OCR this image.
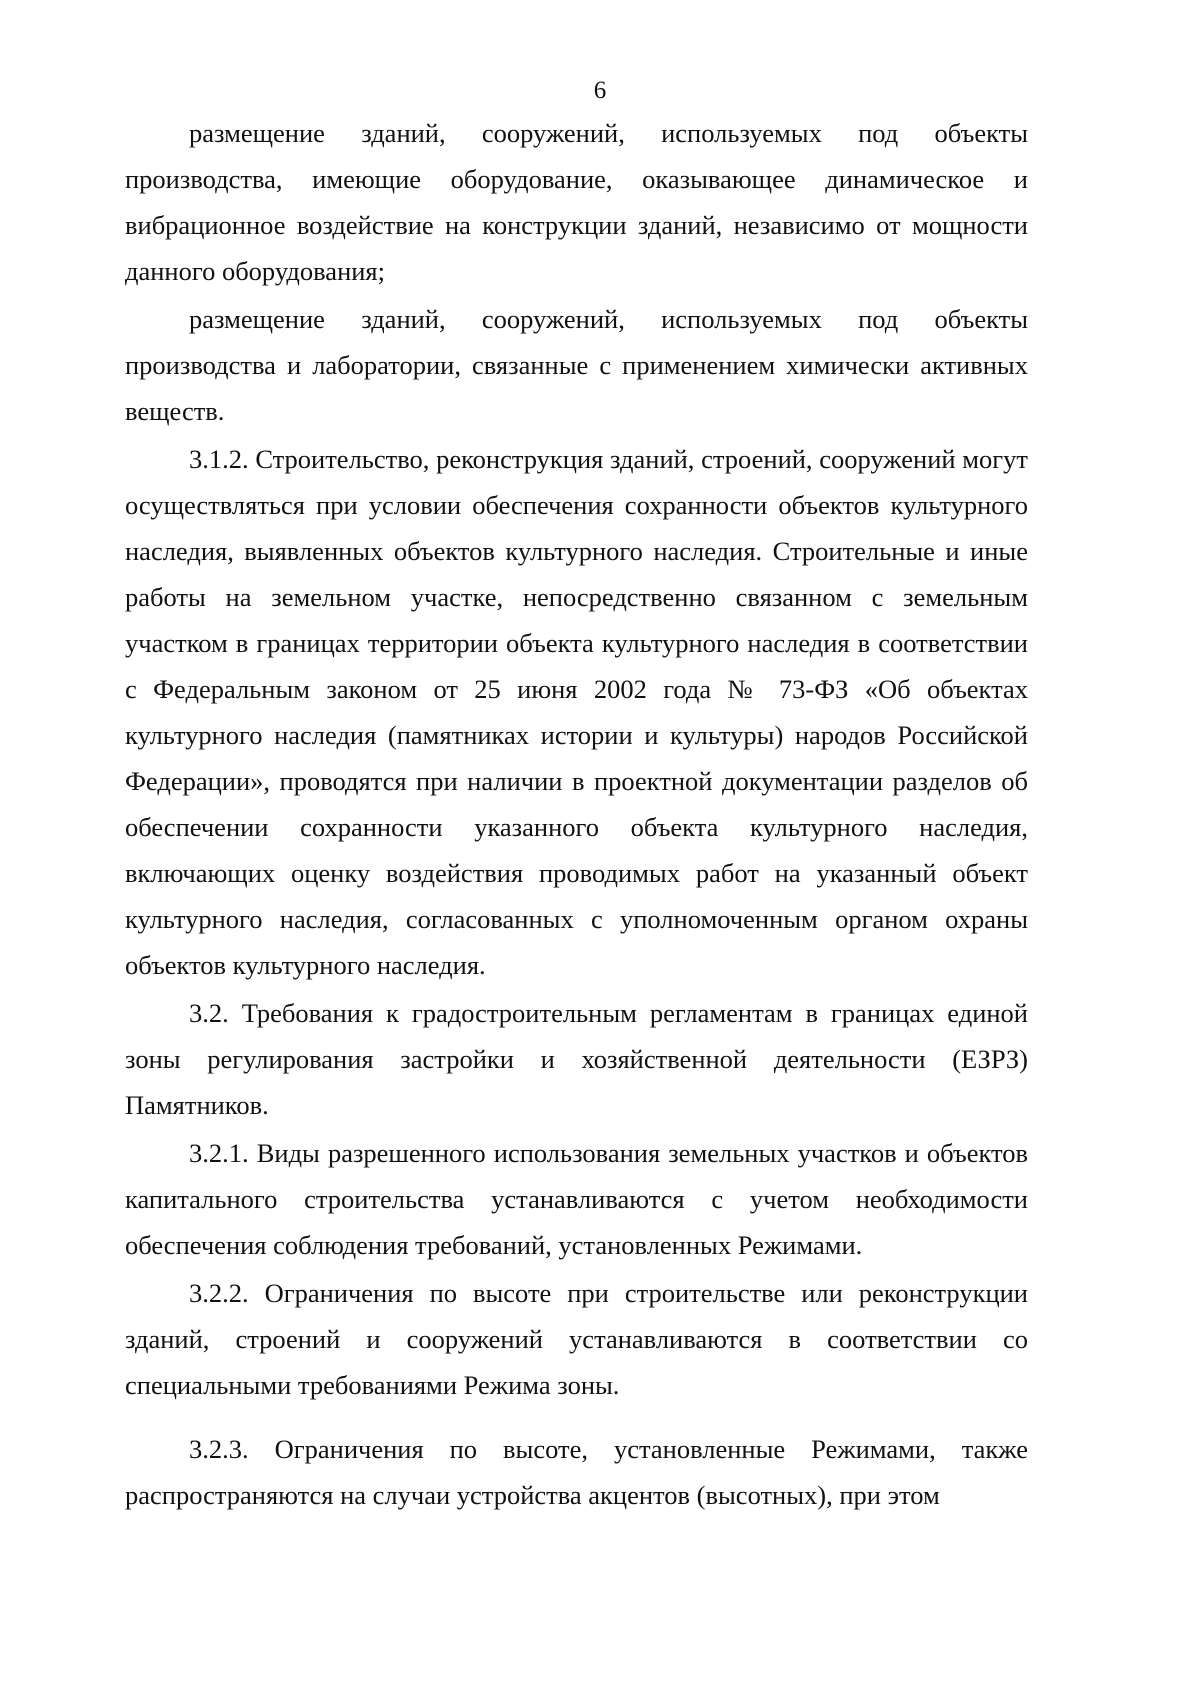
6

размещение зданий, сооружений, используемых под объекты производства, имеющие оборудование, оказывающее динамическое и вибрационное воздействие на конструкции зданий, независимо от мощности данного оборудования;

размещение зданий, сооружений, используемых под объекты производства и лаборатории, связанные с применением химически активных веществ.

3.1.2. Строительство, реконструкция зданий, строений, сооружений могут осуществляться при условии обеспечения сохранности объектов культурного наследия, выявленных объектов культурного наследия. Строительные и иные работы на земельном участке, непосредственно связанном с земельным участком в границах территории объекта культурного наследия в соответствии с Федеральным законом от 25 июня 2002 года № 73-ФЗ «Об объектах культурного наследия (памятниках истории и культуры) народов Российской Федерации», проводятся при наличии в проектной документации разделов об обеспечении сохранности указанного объекта культурного наследия, включающих оценку воздействия проводимых работ на указанный объект культурного наследия, согласованных с уполномоченным органом охраны объектов культурного наследия.

3.2. Требования к градостроительным регламентам в границах единой зоны регулирования застройки и хозяйственной деятельности (ЕЗРЗ) Памятников.

3.2.1. Виды разрешенного использования земельных участков и объектов капитального строительства устанавливаются с учетом необходимости обеспечения соблюдения требований, установленных Режимами.

3.2.2. Ограничения по высоте при строительстве или реконструкции зданий, строений и сооружений устанавливаются в соответствии со специальными требованиями Режима зоны.

3.2.3. Ограничения по высоте, установленные Режимами, также распространяются на случаи устройства акцентов (высотных), при этом
